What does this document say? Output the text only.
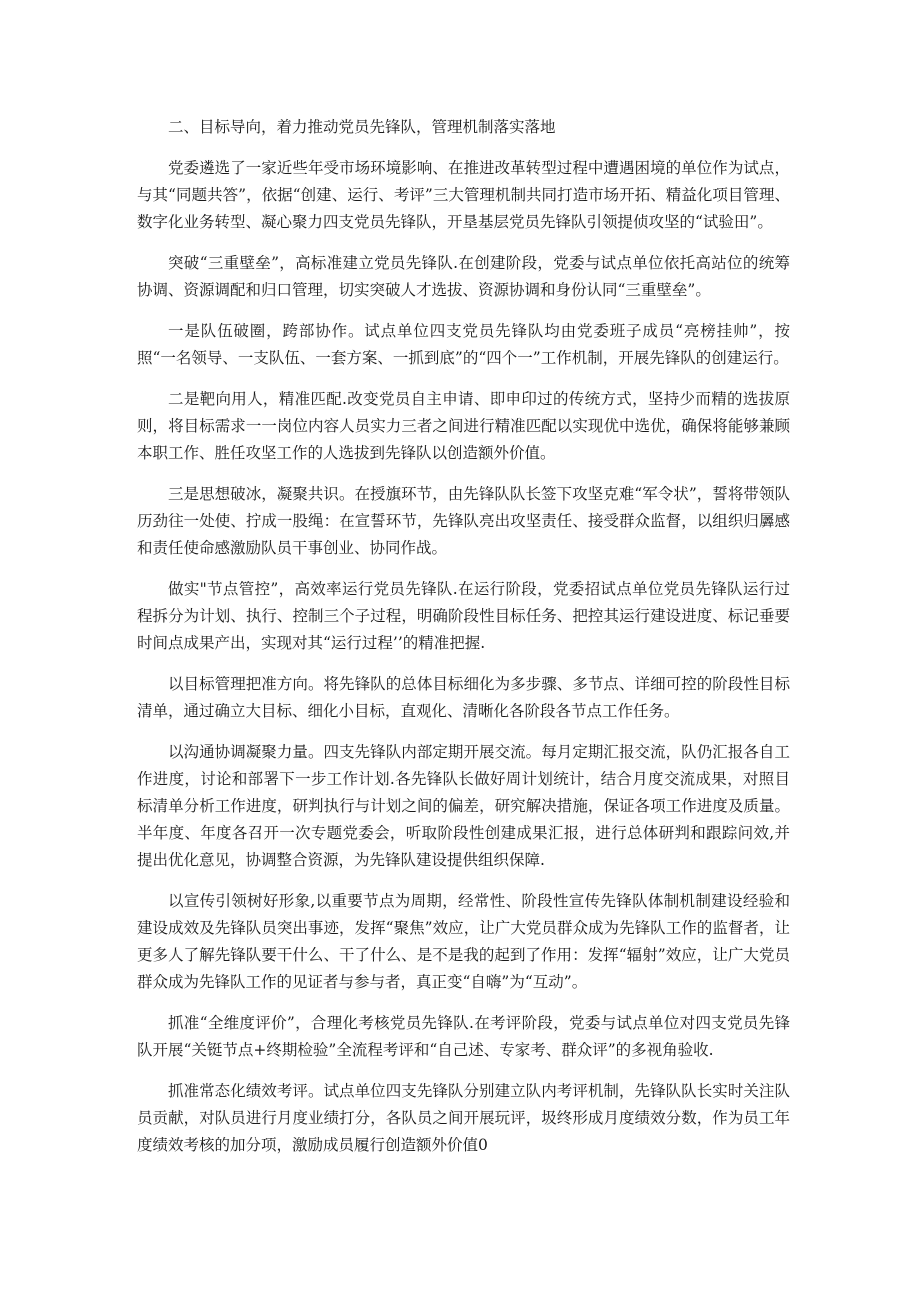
二、目标导向，着力推动党员先锋队，管理机制落实落地

党委遴选了一家近些年受市场环境影响、在推进改革转型过程中遭遇困境的单位作为试点，与其“同题共答”，依据“创建、运行、考评”三大管理机制共同打造市场开拓、精益化项目管理、数字化业务转型、凝心聚力四支党员先锋队，开垦基层党员先锋队引领提侦攻坚的“试验田”。

突破“三重壁垒”，高标准建立党员先锋队.在创建阶段，党委与试点单位依托高站位的统筹协调、资源调配和归口管理，切实突破人才选拔、资源协调和身份认同“三重壁垒”。

一是队伍破圈，跨部协作。试点单位四支党员先锋队均由党委班子成员“亮榜挂帅”，按照“一名领导、一支队伍、一套方案、一抓到底”的“四个一”工作机制，开展先锋队的创建运行。

二是靶向用人，精准匹配.改变党员自主申请、即申印过的传统方式，坚持少而精的选拔原则，将目标需求一一岗位内容人员实力三者之间进行精准匹配以实现优中选优，确保将能够兼顾本职工作、胜任攻坚工作的人选拔到先锋队以创造额外价值。

三是思想破冰，凝聚共识。在授旗环节，由先锋队队长签下攻坚克难“军令状”，誓将带领队历劲往一处使、拧成一股绳：在宣誓环节，先锋队亮出攻坚责任、接受群众监督，以组织归羼感和责任使命感激励队员干事创业、协同作战。

做实"节点管控”，高效率运行党员先锋队.在运行阶段，党委招试点单位党员先锋队运行过程拆分为计划、执行、控制三个子过程，明确阶段性目标任务、把控其运行建设进度、标记垂要时间点成果产出，实现对其“运行过程’’的精准把握.

以目标管理把准方向。将先锋队的总体目标细化为多步骤、多节点、详细可控的阶段性目标清单，通过确立大目标、细化小目标，直观化、清晰化各阶段各节点工作任务。

以沟通协调凝聚力量。四支先锋队内部定期开展交流。每月定期汇报交流，队仍汇报各自工作进度，讨论和部署下一步工作计划.各先锋队长做好周计划统计，结合月度交流成果，对照目标清单分析工作进度，研判执行与计划之间的偏差，研究解决措施，保证各项工作进度及质量。半年度、年度各召开一次专题党委会，听取阶段性创建成果汇报，进行总体研判和跟踪问效,并提出优化意见，协调整合资源，为先锋队建设提供组织保障.

以宣传引领树好形象,以重要节点为周期，经常性、阶段性宣传先锋队体制机制建设经验和建设成效及先锋队员突出事迹，发挥“聚焦”效应，让广大党员群众成为先锋队工作的监督者，让更多人了解先锋队要干什么、干了什么、是不是我的起到了作用：发挥“辐射”效应，让广大党员群众成为先锋队工作的见证者与参与者，真正变“自嗨”为“互动”。

抓准“全维度评价”，合理化考核党员先锋队.在考评阶段，党委与试点单位对四支党员先锋队开展“关铤节点+终期检验”全流程考评和“自己述、专家考、群众评”的多视角验收.

抓准常态化绩效考评。试点单位四支先锋队分别建立队内考评机制，先锋队队长实时关注队员贡献，对队员进行月度业绩打分，各队员之间开展玩评，圾终形成月度绩效分数，作为员工年度绩效考核的加分项，激励成员履行创造额外价值0
